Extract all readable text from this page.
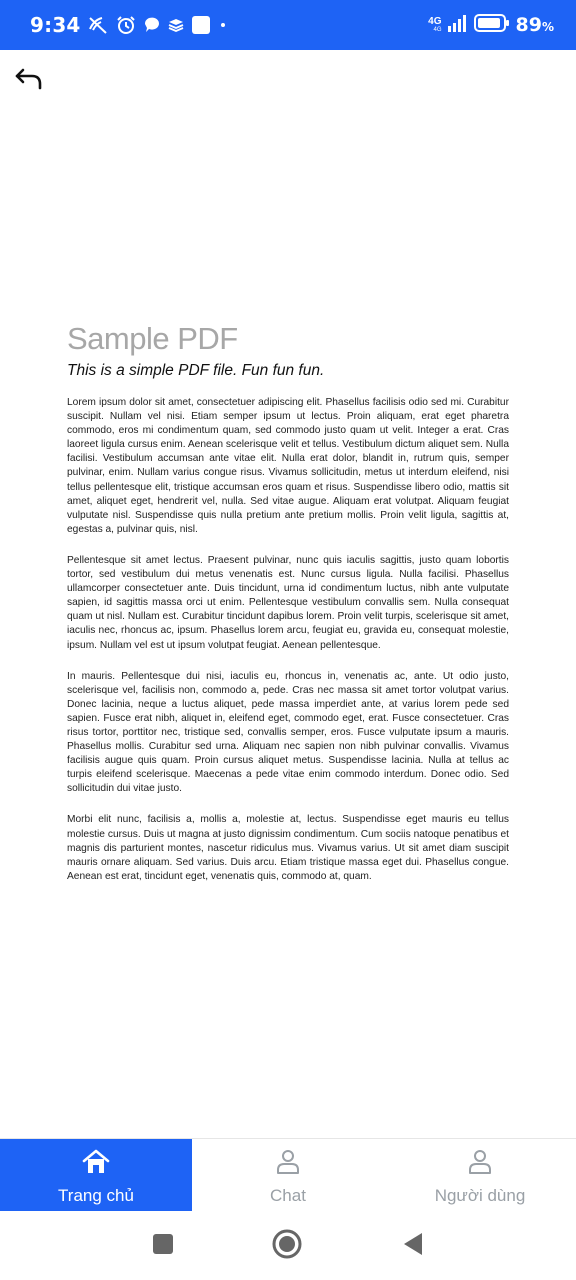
9:34	4G
4G	89%
Sample PDF
This is a simple PDF file. Fun fun fun.

Lorem ipsum dolor sit amet, consectetuer adipiscing elit. Phasellus facilisis odio sed mi. Curabitur suscipit. Nullam vel nisi. Etiam semper ipsum ut lectus. Proin aliquam, erat eget pharetra commodo, eros mi condimentum quam, sed commodo justo quam ut velit. Integer a erat. Cras laoreet ligula cursus enim. Aenean scelerisque velit et tellus. Vestibulum dictum aliquet sem. Nulla facilisi. Vestibulum accumsan ante vitae elit. Nulla erat dolor, blandit in, rutrum quis, semper pulvinar, enim. Nullam varius congue risus. Vivamus sollicitudin, metus ut interdum eleifend, nisi tellus pellentesque elit, tristique accumsan eros quam et risus. Suspendisse libero odio, mattis sit amet, aliquet eget, hendrerit vel, nulla. Sed vitae augue. Aliquam erat volutpat. Aliquam feugiat vulputate nisl. Suspendisse quis nulla pretium ante pretium mollis. Proin velit ligula, sagittis at, egestas a, pulvinar quis, nisl.

Pellentesque sit amet lectus. Praesent pulvinar, nunc quis iaculis sagittis, justo quam lobortis tortor, sed vestibulum dui metus venenatis est. Nunc cursus ligula. Nulla facilisi. Phasellus ullamcorper consectetuer ante. Duis tincidunt, urna id condimentum luctus, nibh ante vulputate sapien, id sagittis massa orci ut enim. Pellentesque vestibulum convallis sem. Nulla consequat quam ut nisl. Nullam est. Curabitur tincidunt dapibus lorem. Proin velit turpis, scelerisque sit amet, iaculis nec, rhoncus ac, ipsum. Phasellus lorem arcu, feugiat eu, gravida eu, consequat molestie, ipsum. Nullam vel est ut ipsum volutpat feugiat. Aenean pellentesque.

In mauris. Pellentesque dui nisi, iaculis eu, rhoncus in, venenatis ac, ante. Ut odio justo, scelerisque vel, facilisis non, commodo a, pede. Cras nec massa sit amet tortor volutpat varius. Donec lacinia, neque a luctus aliquet, pede massa imperdiet ante, at varius lorem pede sed sapien. Fusce erat nibh, aliquet in, eleifend eget, commodo eget, erat. Fusce consectetuer. Cras risus tortor, porttitor nec, tristique sed, convallis semper, eros. Fusce vulputate ipsum a mauris. Phasellus mollis. Curabitur sed urna. Aliquam nec sapien non nibh pulvinar convallis. Vivamus facilisis augue quis quam. Proin cursus aliquet metus. Suspendisse lacinia. Nulla at tellus ac turpis eleifend scelerisque. Maecenas a pede vitae enim commodo interdum. Donec odio. Sed sollicitudin dui vitae justo.

Morbi elit nunc, facilisis a, mollis a, molestie at, lectus. Suspendisse eget mauris eu tellus molestie cursus. Duis ut magna at justo dignissim condimentum. Cum sociis natoque penatibus et magnis dis parturient montes, nascetur ridiculus mus. Vivamus varius. Ut sit amet diam suscipit mauris ornare aliquam. Sed varius. Duis arcu. Etiam tristique massa eget dui. Phasellus congue. Aenean est erat, tincidunt eget, venenatis quis, commodo at, quam.

Trang chủ	Chat	Người dùng
